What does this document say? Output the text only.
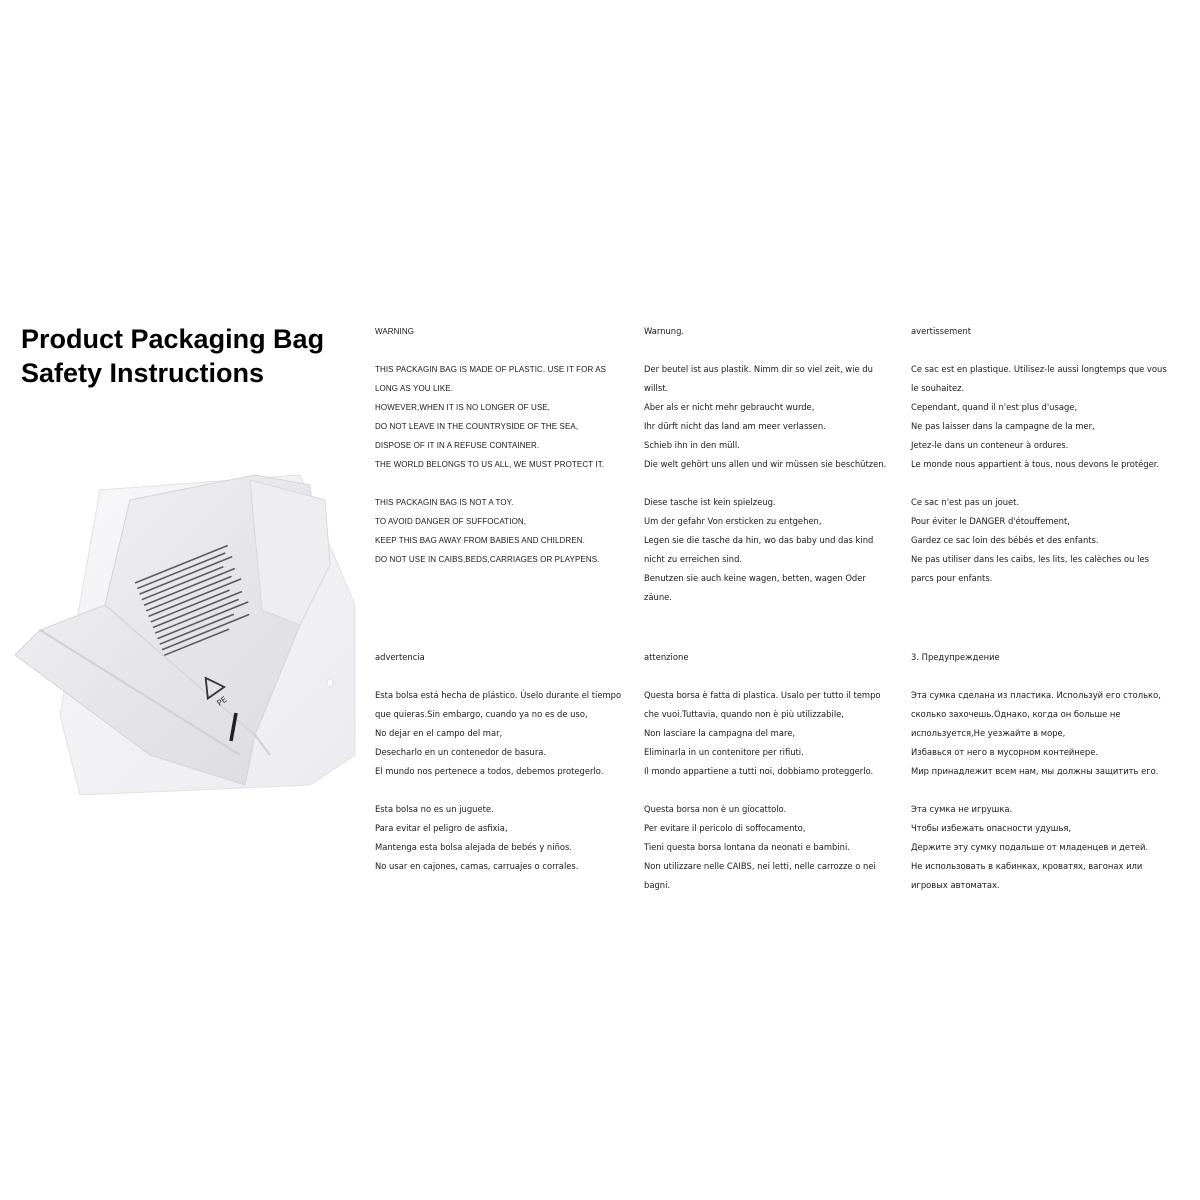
Product Packaging Bag
Safety Instructions
PE
WARNING
THIS PACKAGIN BAG IS MADE OF PLASTIC. USE IT FOR AS LONG AS YOU LIKE.
HOWEVER,WHEN IT IS NO LONGER OF USE,
DO NOT LEAVE IN THE COUNTRYSIDE OF THE SEA,
DISPOSE OF IT IN A REFUSE CONTAINER.
THE WORLD BELONGS TO US ALL, WE MUST PROTECT IT.
THIS PACKAGIN BAG IS NOT A TOY.
TO AVOID DANGER OF SUFFOCATION,
KEEP THIS BAG AWAY FROM BABIES AND CHILDREN.
DO NOT USE IN CAIBS,BEDS,CARRIAGES OR PLAYPENS.
Warnung.
Der beutel ist aus plastik. Nimm dir so viel zeit, wie du willst.
Aber als er nicht mehr gebraucht wurde,
Ihr dürft nicht das land am meer verlassen.
Schieb ihn in den müll.
Die welt gehört uns allen und wir müssen sie beschützen.
Diese tasche ist kein spielzeug.
Um der gefahr Von ersticken zu entgehen,
Legen sie die tasche da hin, wo das baby und das kind nicht zu erreichen sind.
Benutzen sie auch keine wagen, betten, wagen Oder zäune.
avertissement
Ce sac est en plastique. Utilisez-le aussi longtemps que vous le souhaitez.
Cependant, quand il n'est plus d'usage,
Ne pas laisser dans la campagne de la mer,
Jetez-le dans un conteneur à ordures.
Le monde nous appartient à tous, nous devons le protéger.
Ce sac n'est pas un jouet.
Pour éviter le DANGER d'étouffement,
Gardez ce sac loin des bébés et des enfants.
Ne pas utiliser dans les caibs, les lits, les calèches ou les parcs pour enfants.
advertencia
Esta bolsa está hecha de plástico. Úselo durante el tiempo que quieras.Sin embargo, cuando ya no es de uso,
No dejar en el campo del mar,
Desecharlo en un contenedor de basura.
El mundo nos pertenece a todos, debemos protegerlo.
Esta bolsa no es un juguete.
Para evitar el peligro de asfixia,
Mantenga esta bolsa alejada de bebés y niños.
No usar en cajones, camas, carruajes o corrales.
attenzione
Questa borsa è fatta di plastica. Usalo per tutto il tempo che vuoi.Tuttavia, quando non è più utilizzabile,
Non lasciare la campagna del mare,
Eliminarla in un contenitore per rifiuti.
Il mondo appartiene a tutti noi, dobbiamo proteggerlo.
Questa borsa non è un giocattolo.
Per evitare il pericolo di soffocamento,
Tieni questa borsa lontana da neonati e bambini.
Non utilizzare nelle CAIBS, nei letti, nelle carrozze o nei bagni.
3. Предупреждение
Эта сумка сделана из пластика. Используй его столько, сколько захочешь.Однако, когда он больше не используется,Не уезжайте в море,
Избавься от него в мусорном контейнере.
Мир принадлежит всем нам, мы должны защитить его.
Эта сумка не игрушка.
Чтобы избежать опасности удушья,
Держите эту сумку подальше от младенцев и детей.
Не использовать в кабинках, кроватях, вагонах или игровых автоматах.
